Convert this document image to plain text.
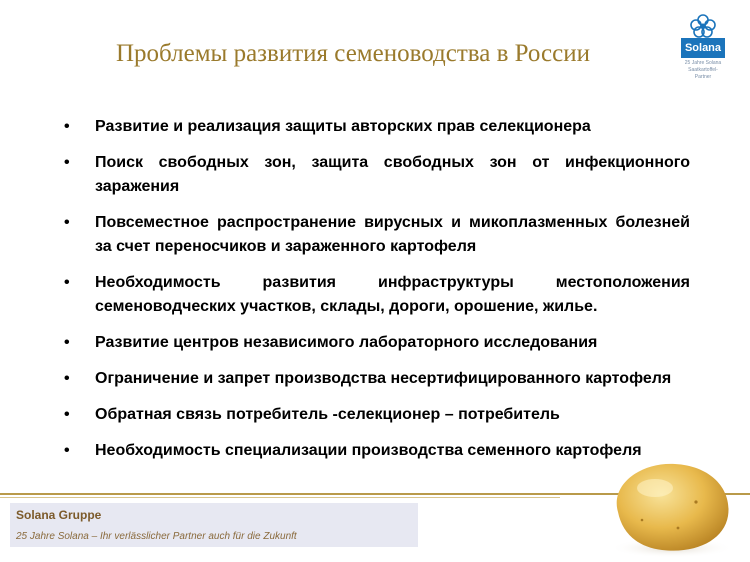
Проблемы развития семеноводства в России	Solana
25 Jahre Solana
Saatkartoffel-Partner
• Развитие и реализация защиты авторских прав селекционера
• Поиск свободных зон, защита свободных зон от инфекционного заражения
• Повсеместное распространение вирусных и микоплазменных болезней за счет переносчиков и зараженного картофеля
• Необходимость развития инфраструктуры местоположения семеноводческих участков, склады, дороги, орошение, жилье.
• Развитие центров независимого лабораторного исследования
• Ограничение и запрет производства несертифицированного картофеля
• Обратная связь потребитель -селекционер – потребитель
• Необходимость специализации производства семенного картофеля
Solana Gruppe
25 Jahre Solana – Ihr verlässlicher Partner auch für die Zukunft
